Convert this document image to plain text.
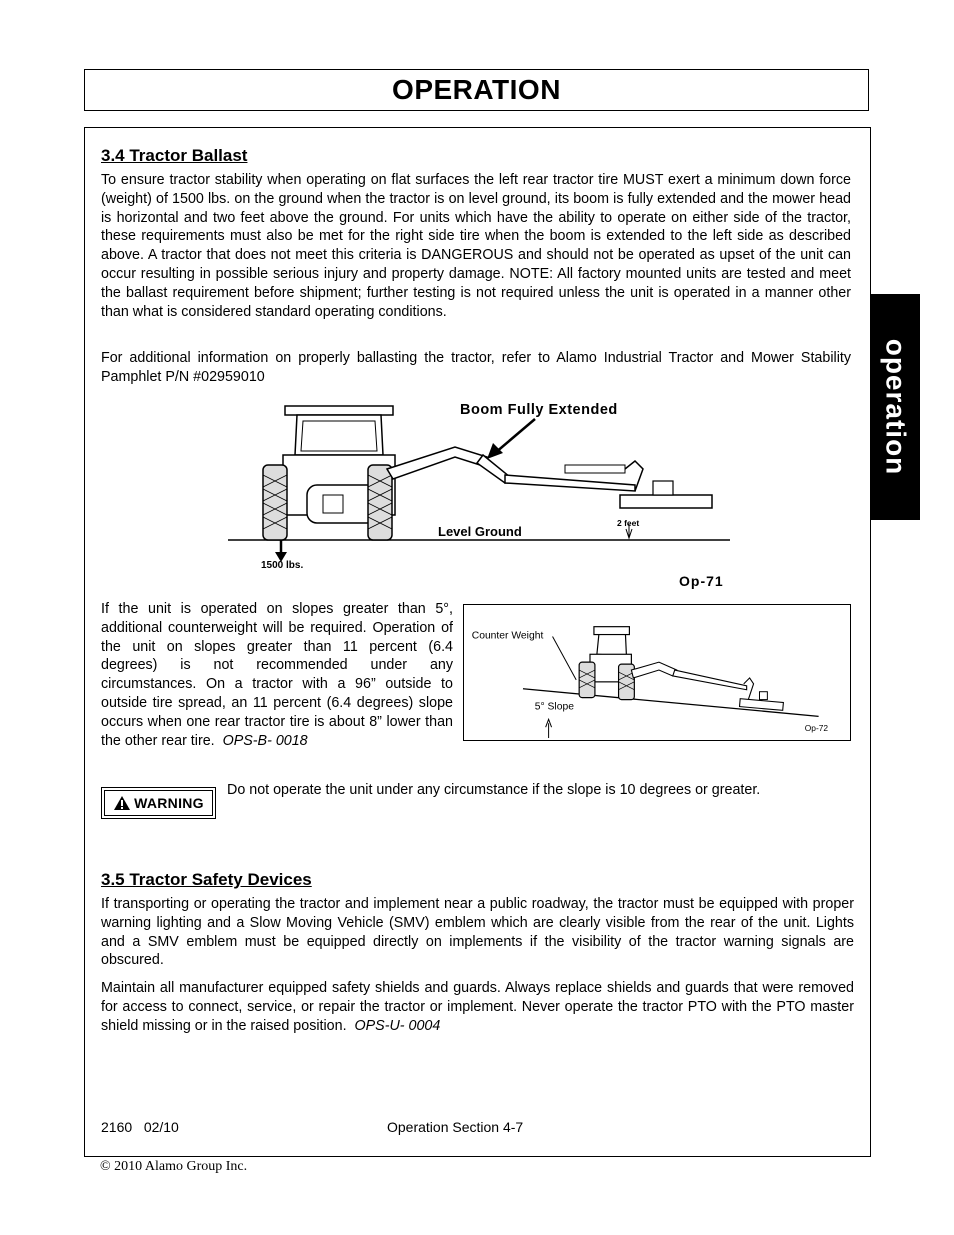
OPERATION
operation
3.4 Tractor Ballast

To ensure tractor stability when operating on flat surfaces the left rear tractor tire MUST exert a minimum down force (weight) of 1500 lbs. on the ground when the tractor is on level ground, its boom is fully extended and the mower head is horizontal and two feet above the ground. For units which have the ability to operate on either side of the tractor, these requirements must also be met for the right side tire when the boom is extended to the left side as described above. A tractor that does not meet this criteria is DANGEROUS and should not be operated as upset of the unit can occur resulting in possible serious injury and property damage. NOTE: All factory mounted units are tested and meet the ballast requirement before shipment; further testing is not required unless the unit is operated in a manner other than what is considered standard operating conditions.

For additional information on properly ballasting the tractor, refer to Alamo Industrial Tractor and Mower Stability Pamphlet P/N #02959010

Boom Fully Extended
Level Ground
2 feet
1500 lbs.
Op-71

If the unit is operated on slopes greater than 5°, additional counterweight will be required. Operation of the unit on slopes greater than 11 percent (6.4 degrees) is not recommended under any circumstances. On a tractor with a 96” outside to outside tire spread, an 11 percent (6.4 degrees) slope occurs when one rear tractor tire is about 8” lower than the other rear tire. OPS-B- 0018

Counter Weight
5° Slope
Op-72
WARNING

Do not operate the unit under any circumstance if the slope is 10 degrees or greater.

3.5 Tractor Safety Devices

If transporting or operating the tractor and implement near a public roadway, the tractor must be equipped with proper warning lighting and a Slow Moving Vehicle (SMV) emblem which are clearly visible from the rear of the unit. Lights and a SMV emblem must be equipped directly on implements if the visibility of the tractor warning signals are obscured.

Maintain all manufacturer equipped safety shields and guards. Always replace shields and guards that were removed for access to connect, service, or repair the tractor or implement. Never operate the tractor PTO with the PTO master shield missing or in the raised position. OPS-U- 0004

2160   02/10	Operation Section 4-7

© 2010 Alamo Group Inc.
